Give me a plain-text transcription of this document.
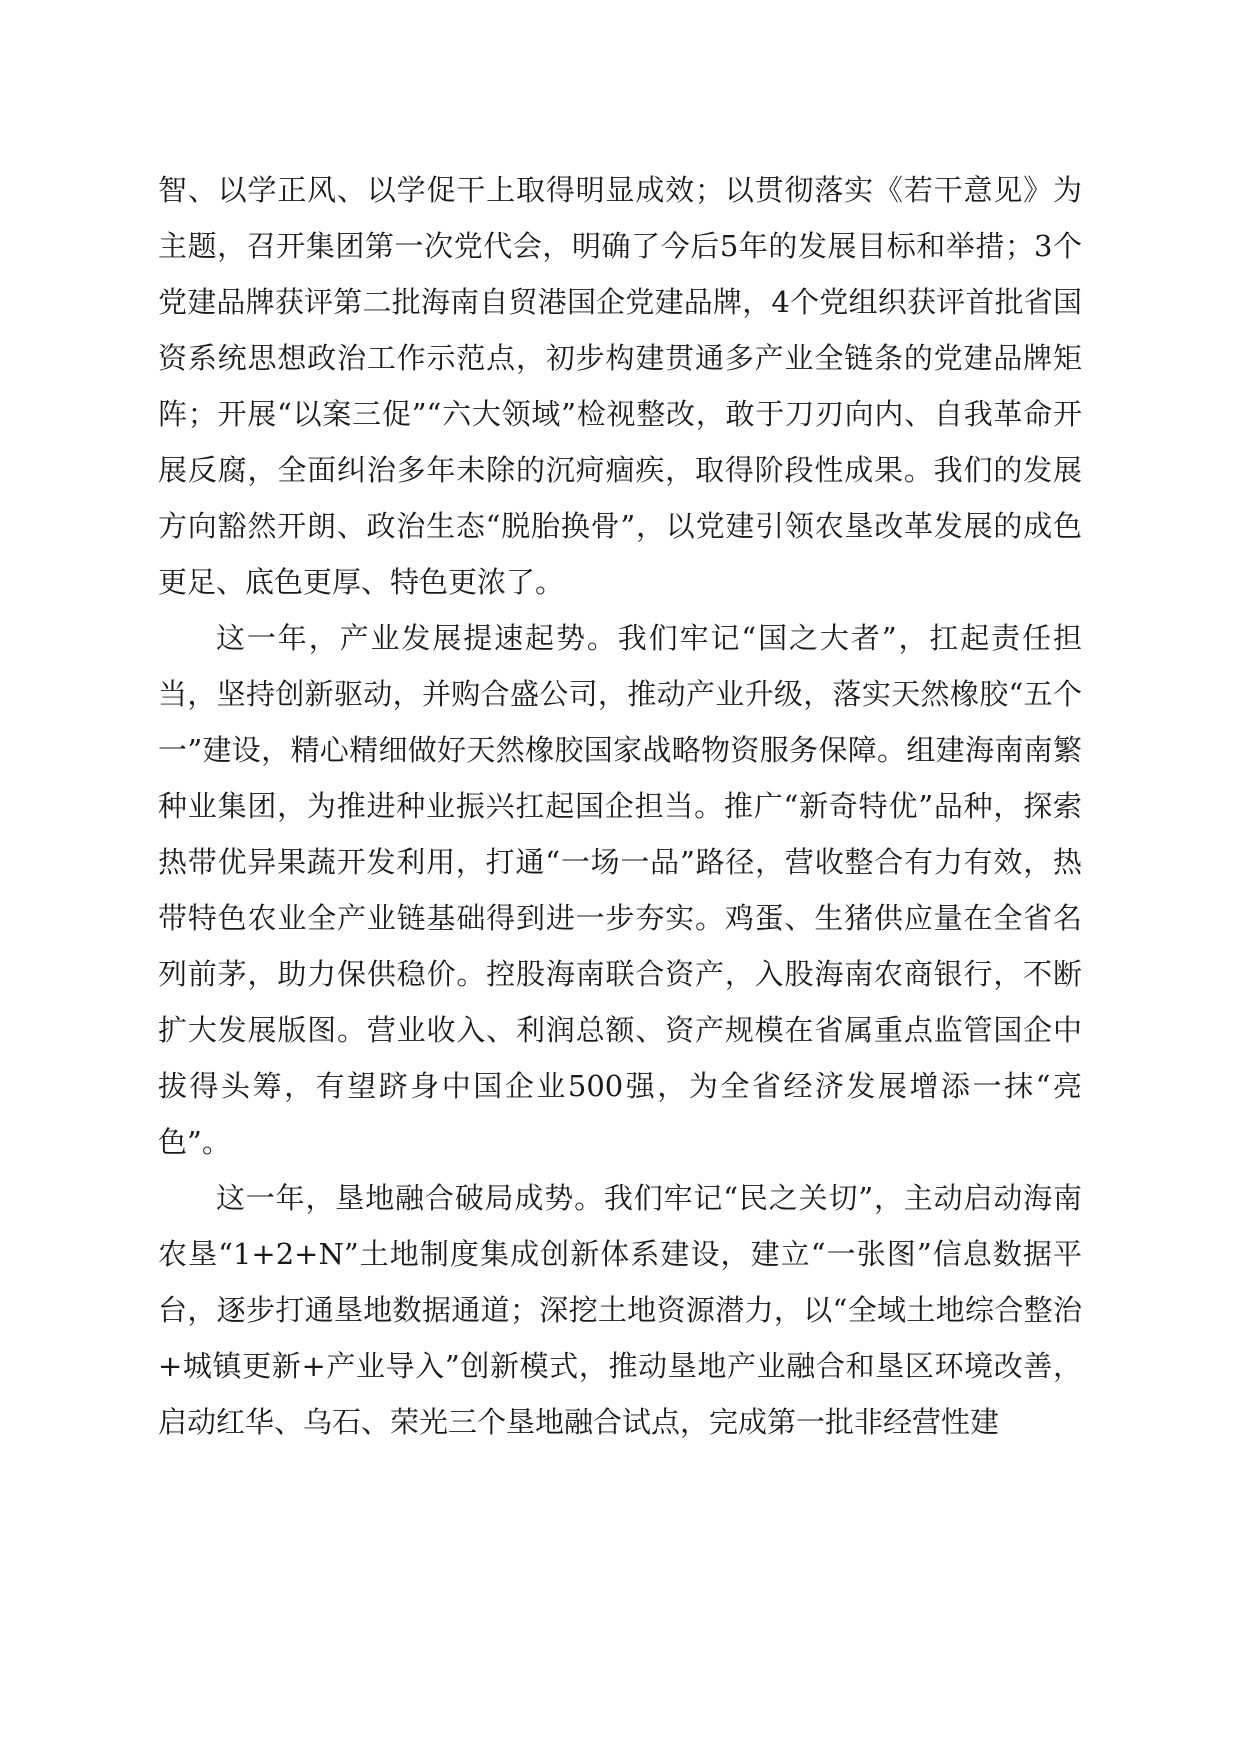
智、以学正风、以学促干上取得明显成效；以贯彻落实《若干意见》为主题，召开集团第一次党代会，明确了今后5年的发展目标和举措；3个党建品牌获评第二批海南自贸港国企党建品牌，4个党组织获评首批省国资系统思想政治工作示范点，初步构建贯通多产业全链条的党建品牌矩阵；开展“以案三促”“六大领域”检视整改，敢于刀刃向内、自我革命开展反腐，全面纠治多年未除的沉疴痼疾，取得阶段性成果。我们的发展方向豁然开朗、政治生态“脱胎换骨”，以党建引领农垦改革发展的成色更足、底色更厚、特色更浓了。

这一年，产业发展提速起势。我们牢记“国之大者”，扛起责任担当，坚持创新驱动，并购合盛公司，推动产业升级，落实天然橡胶“五个一”建设，精心精细做好天然橡胶国家战略物资服务保障。组建海南南繁种业集团，为推进种业振兴扛起国企担当。推广“新奇特优”品种，探索热带优异果蔬开发利用，打通“一场一品”路径，营收整合有力有效，热带特色农业全产业链基础得到进一步夯实。鸡蛋、生猪供应量在全省名列前茅，助力保供稳价。控股海南联合资产，入股海南农商银行，不断扩大发展版图。营业收入、利润总额、资产规模在省属重点监管国企中拔得头筹，有望跻身中国企业500强，为全省经济发展增添一抹“亮色”。

这一年，垦地融合破局成势。我们牢记“民之关切”，主动启动海南农垦“1+2+N”土地制度集成创新体系建设，建立“一张图”信息数据平台，逐步打通垦地数据通道；深挖土地资源潜力，以“全域土地综合整治+城镇更新+产业导入”创新模式，推动垦地产业融合和垦区环境改善，启动红华、乌石、荣光三个垦地融合试点，完成第一批非经营性建
